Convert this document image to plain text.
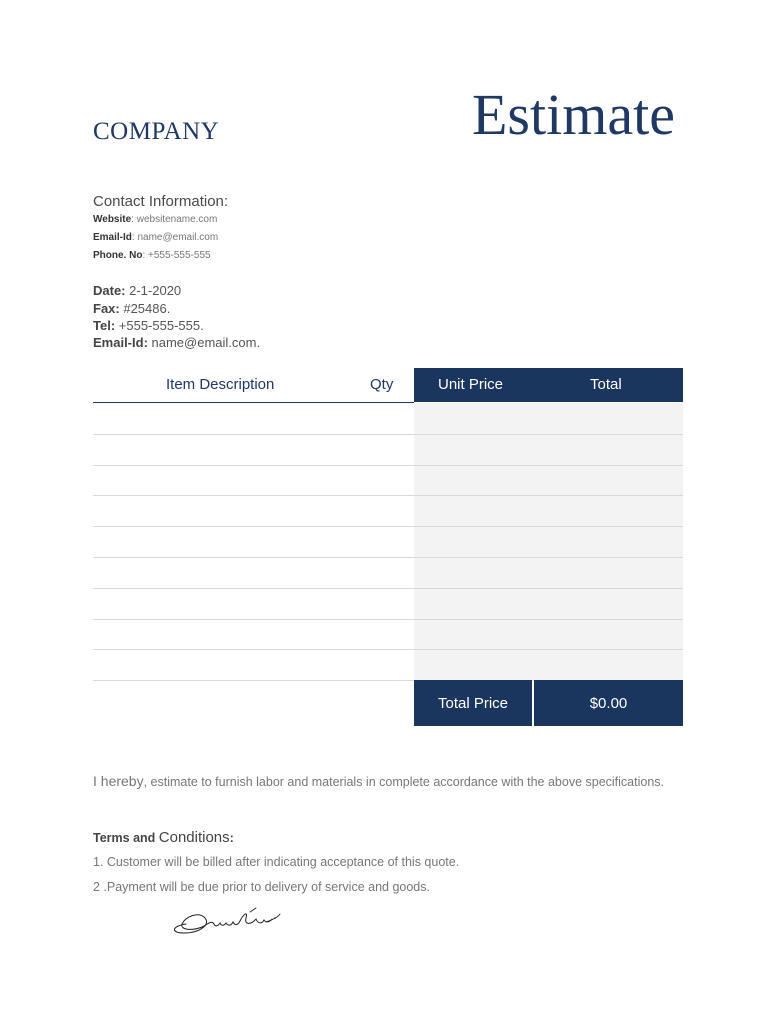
COMPANY	Estimate
Contact Information:
Website: websitename.com
Email-Id: name@email.com
Phone. No: +555-555-555
Date: 2-1-2020
Fax: #25486.
Tel: +555-555-555.
Email-Id: name@email.com.
Item Description	Qty	Unit Price	Total
Total Price	$0.00
I hereby, estimate to furnish labor and materials in complete accordance with the above specifications.
Terms and Conditions:
1. Customer will be billed after indicating acceptance of this quote.
2 .Payment will be due prior to delivery of service and goods.
